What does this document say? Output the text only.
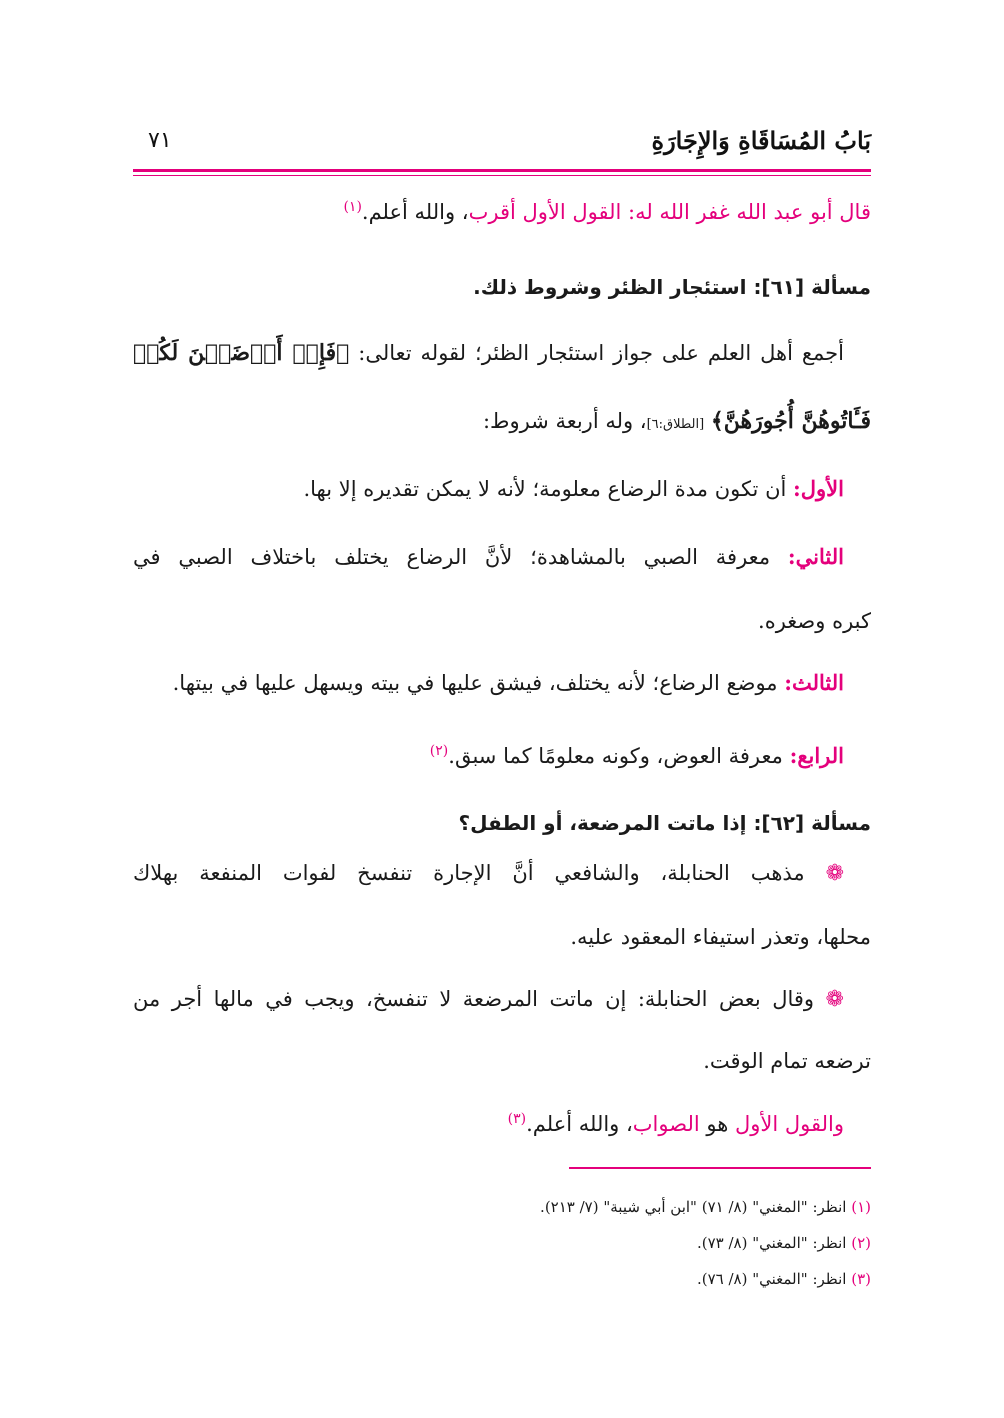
بَابُ المُسَاقَاةِ وَالإِجَارَةِ
٧١
قال أبو عبد الله غفر الله له: القول الأول أقرب، والله أعلم.$^{(١)}$
مسألة [٦١]: استئجار الظئر وشروط ذلك.
أجمع أهل العلم على جواز استئجار الظئر؛ لقوله تعالى: ﴿فَإِنۡ أَرۡضَعۡنَ لَكُمۡ
فَـَٔاتُوهُنَّ أُجُورَهُنَّ﴾ [الطلاق:٦]، وله أربعة شروط:
الأول: أن تكون مدة الرضاع معلومة؛ لأنه لا يمكن تقديره إلا بها.
الثاني: معرفة الصبي بالمشاهدة؛ لأنَّ الرضاع يختلف باختلاف الصبي في
كبره وصغره.
الثالث: موضع الرضاع؛ لأنه يختلف، فيشق عليها في بيته ويسهل عليها في بيتها.
الرابع: معرفة العوض، وكونه معلومًا كما سبق.$^{(٢)}$
مسألة [٦٢]: إذا ماتت المرضعة، أو الطفل؟
❁ مذهب الحنابلة، والشافعي أنَّ الإجارة تنفسخ لفوات المنفعة بهلاك
محلها، وتعذر استيفاء المعقود عليه.
❁ وقال بعض الحنابلة: إن ماتت المرضعة لا تنفسخ، ويجب في مالها أجر من
ترضعه تمام الوقت.
والقول الأول هو الصواب، والله أعلم.$^{(٣)}$
(١) انظر: "المغني" (٨/ ٧١) "ابن أبي شيبة" (٧/ ٢١٣).
(٢) انظر: "المغني" (٨/ ٧٣).
(٣) انظر: "المغني" (٨/ ٧٦).
